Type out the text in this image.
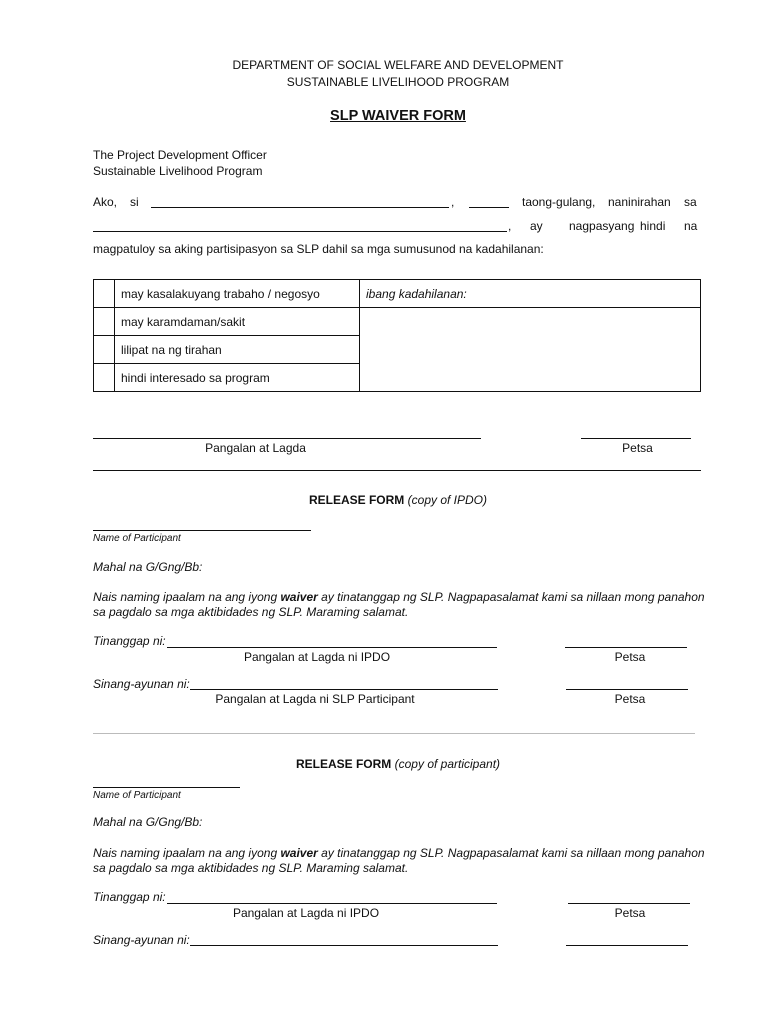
DEPARTMENT OF SOCIAL WELFARE AND DEVELOPMENT
SUSTAINABLE LIVELIHOOD PROGRAM
SLP WAIVER FORM
The Project Development Officer
Sustainable Livelihood Program
Ako, si	,	taong-gulang, naninirahan sa
, ay nagpasyang hindi na
magpatuloy sa aking partisipasyon sa SLP dahil sa mga sumusunod na kadahilanan:
	may kasalakuyang trabaho / negosyo	ibang kadahilanan:
	may karamdaman/sakit	
	lilipat na ng tirahan	
	hindi interesado sa program	
Pangalan at Lagda	Petsa
RELEASE FORM (copy of IPDO)
Name of Participant
Mahal na G/Gng/Bb:
Nais naming ipaalam na ang iyong waiver ay tinatanggap ng SLP. Nagpapasalamat kami sa nillaan mong panahon
sa pagdalo sa mga aktibidades ng SLP. Maraming salamat.
Tinanggap ni:
Pangalan at Lagda ni IPDO	Petsa
Sinang-ayunan ni:
Pangalan at Lagda ni SLP Participant	Petsa
RELEASE FORM (copy of participant)
Name of Participant
Mahal na G/Gng/Bb:
Nais naming ipaalam na ang iyong waiver ay tinatanggap ng SLP. Nagpapasalamat kami sa nillaan mong panahon
sa pagdalo sa mga aktibidades ng SLP. Maraming salamat.
Tinanggap ni:
Pangalan at Lagda ni IPDO	Petsa
Sinang-ayunan ni:
